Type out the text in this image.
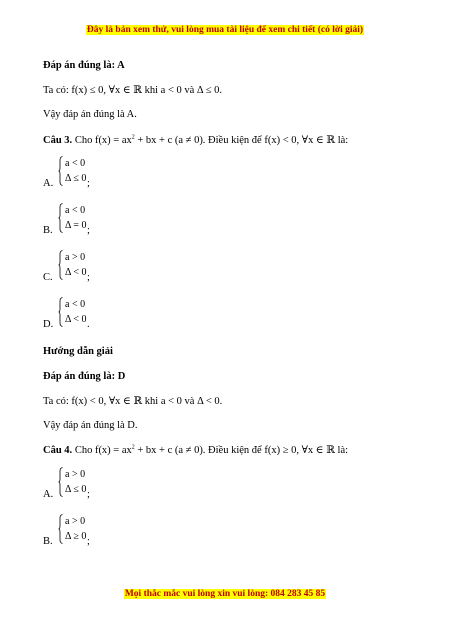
Đây là bản xem thử, vui lòng mua tài liệu để xem chi tiết (có lời giải)
Đáp án đúng là: A
Ta có: f(x) ≤ 0, ∀x ∈ ℝ khi a < 0 và Δ ≤ 0.
Vậy đáp án đúng là A.
Câu 3. Cho $f(x) = ax^2$ + bx + c (a ≠ 0). Điều kiện để f(x) < 0, ∀x ∈ ℝ là:
a < 0
Δ ≤ 0
A.	;
a < 0
Δ = 0
B.	;
a > 0
Δ < 0
C.	;
a < 0
Δ < 0
D.	.
Hướng dẫn giải
Đáp án đúng là: D
Ta có: f(x) < 0, ∀x ∈ ℝ khi a < 0 và Δ < 0.
Vậy đáp án đúng là D.
Câu 4. Cho $f(x) = ax^2$ + bx + c (a ≠ 0). Điều kiện để f(x) ≥ 0, ∀x ∈ ℝ là:
a > 0
Δ ≤ 0
A.	;
a > 0
Δ ≥ 0
B.	;
Mọi thắc mắc vui lòng xin vui lòng: 084 283 45 85
